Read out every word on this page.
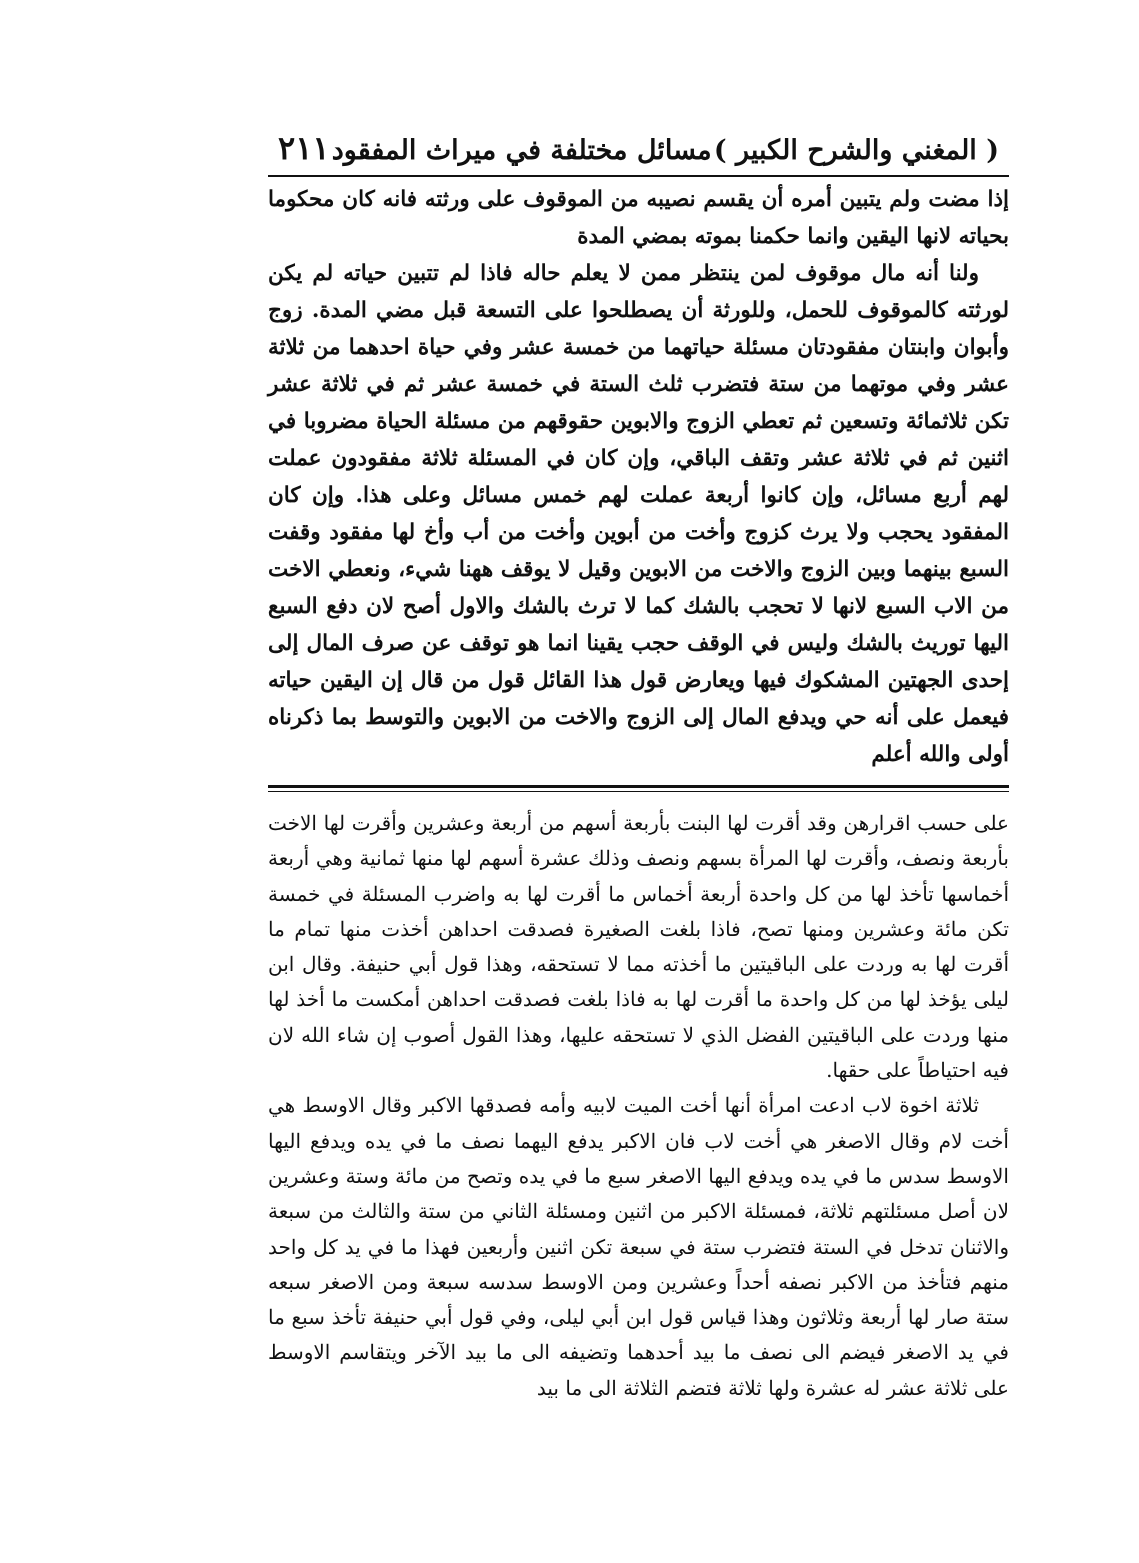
( المغني والشرح الكبير )
مسائل مختلفة في ميراث المفقود
٢١١

إذا مضت ولم يتبين أمره أن يقسم نصيبه من الموقوف على ورثته فانه كان محكوما بحياته لانها اليقين وانما حكمنا بموته بمضي المدة

ولنا أنه مال موقوف لمن ينتظر ممن لا يعلم حاله فاذا لم تتبين حياته لم يكن لورثته كالموقوف للحمل، وللورثة أن يصطلحوا على التسعة قبل مضي المدة. زوج وأبوان وابنتان مفقودتان مسئلة حياتهما من خمسة عشر وفي حياة احدهما من ثلاثة عشر وفي موتهما من ستة فتضرب ثلث الستة في خمسة عشر ثم في ثلاثة عشر تكن ثلاثمائة وتسعين ثم تعطي الزوج والابوين حقوقهم من مسئلة الحياة مضروبا في اثنين ثم في ثلاثة عشر وتقف الباقي، وإن كان في المسئلة ثلاثة مفقودون عملت لهم أربع مسائل، وإن كانوا أربعة عملت لهم خمس مسائل وعلى هذا. وإن كان المفقود يحجب ولا يرث كزوج وأخت من أبوين وأخت من أب وأخ لها مفقود وقفت السبع بينهما وبين الزوج والاخت من الابوين وقيل لا يوقف ههنا شيء، ونعطي الاخت من الاب السبع لانها لا تحجب بالشك كما لا ترث بالشك والاول أصح لان دفع السبع اليها توريث بالشك وليس في الوقف حجب يقينا انما هو توقف عن صرف المال إلى إحدى الجهتين المشكوك فيها ويعارض قول هذا القائل قول من قال إن اليقين حياته فيعمل على أنه حي ويدفع المال إلى الزوج والاخت من الابوين والتوسط بما ذكرناه أولى والله أعلم

على حسب اقرارهن وقد أقرت لها البنت بأربعة أسهم من أربعة وعشرين وأقرت لها الاخت بأربعة ونصف، وأقرت لها المرأة بسهم ونصف وذلك عشرة أسهم لها منها ثمانية وهي أربعة أخماسها تأخذ لها من كل واحدة أربعة أخماس ما أقرت لها به واضرب المسئلة في خمسة تكن مائة وعشرين ومنها تصح، فاذا بلغت الصغيرة فصدقت احداهن أخذت منها تمام ما أقرت لها به وردت على الباقيتين ما أخذته مما لا تستحقه، وهذا قول أبي حنيفة. وقال ابن ليلى يؤخذ لها من كل واحدة ما أقرت لها به فاذا بلغت فصدقت احداهن أمكست ما أخذ لها منها وردت على الباقيتين الفضل الذي لا تستحقه عليها، وهذا القول أصوب إن شاء الله لان فيه احتياطاً على حقها.

ثلاثة اخوة لاب ادعت امرأة أنها أخت الميت لابيه وأمه فصدقها الاكبر وقال الاوسط هي أخت لام وقال الاصغر هي أخت لاب فان الاكبر يدفع اليهما نصف ما في يده ويدفع اليها الاوسط سدس ما في يده ويدفع اليها الاصغر سبع ما في يده وتصح من مائة وستة وعشرين لان أصل مسئلتهم ثلاثة، فمسئلة الاكبر من اثنين ومسئلة الثاني من ستة والثالث من سبعة والاثنان تدخل في الستة فتضرب ستة في سبعة تكن اثنين وأربعين فهذا ما في يد كل واحد منهم فتأخذ من الاكبر نصفه أحداً وعشرين ومن الاوسط سدسه سبعة ومن الاصغر سبعه ستة صار لها أربعة وثلاثون وهذا قياس قول ابن أبي ليلى، وفي قول أبي حنيفة تأخذ سبع ما في يد الاصغر فيضم الى نصف ما بيد أحدهما وتضيفه الى ما بيد الآخر ويتقاسم الاوسط على ثلاثة عشر له عشرة ولها ثلاثة فتضم الثلاثة الى ما بيد
